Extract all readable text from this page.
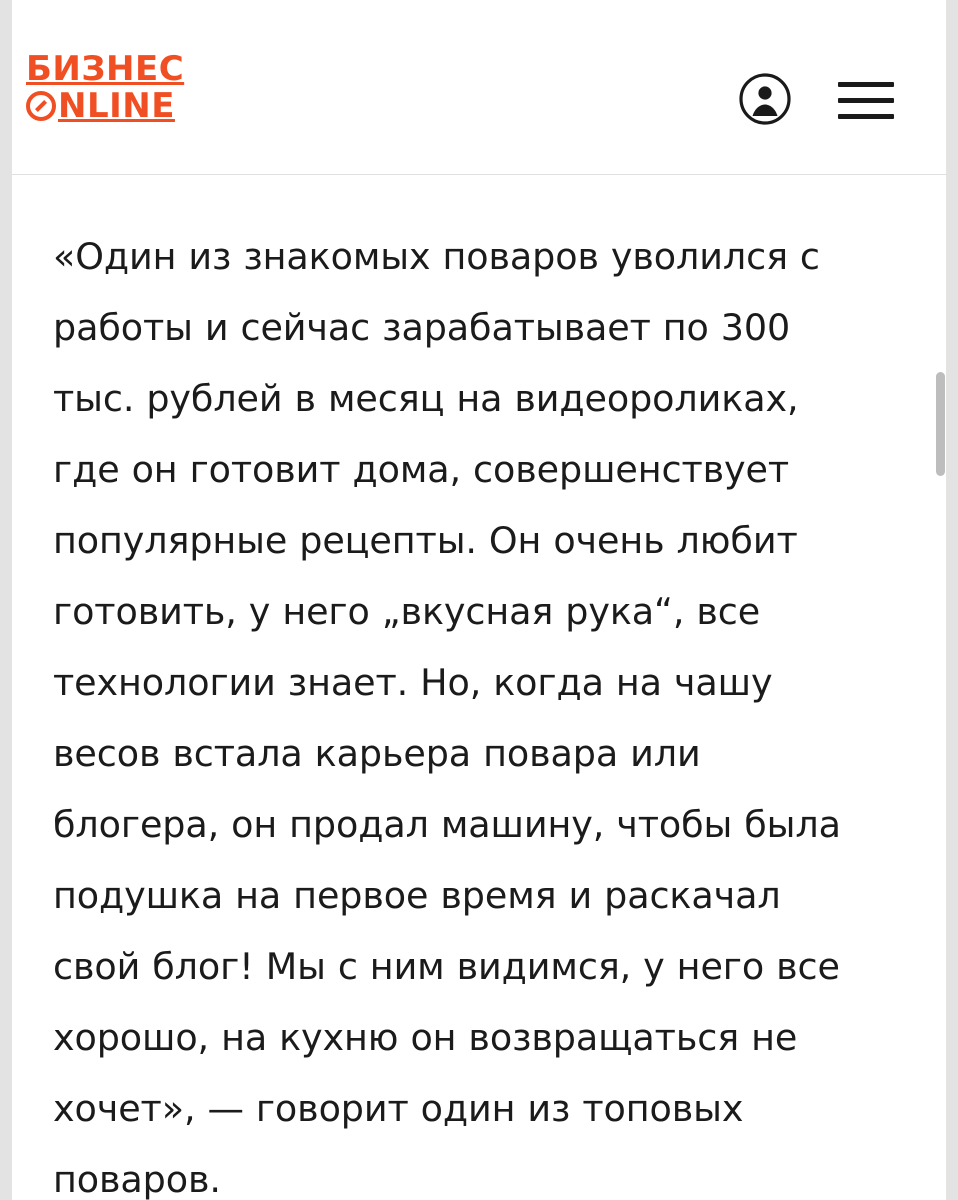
БИЗНЕС
NLINE

«Один из знакомых поваров уволился с работы и сейчас зарабатывает по 300 тыс. рублей в месяц на видеороликах, где он готовит дома, совершенствует популярные рецепты. Он очень любит готовить, у него „вкусная рука“, все технологии знает. Но, когда на чашу весов встала карьера повара или блогера, он продал машину, чтобы была подушка на первое время и раскачал свой блог! Мы с ним видимся, у него все хорошо, на кухню он возвращаться не хочет», — говорит один из топовых поваров.
